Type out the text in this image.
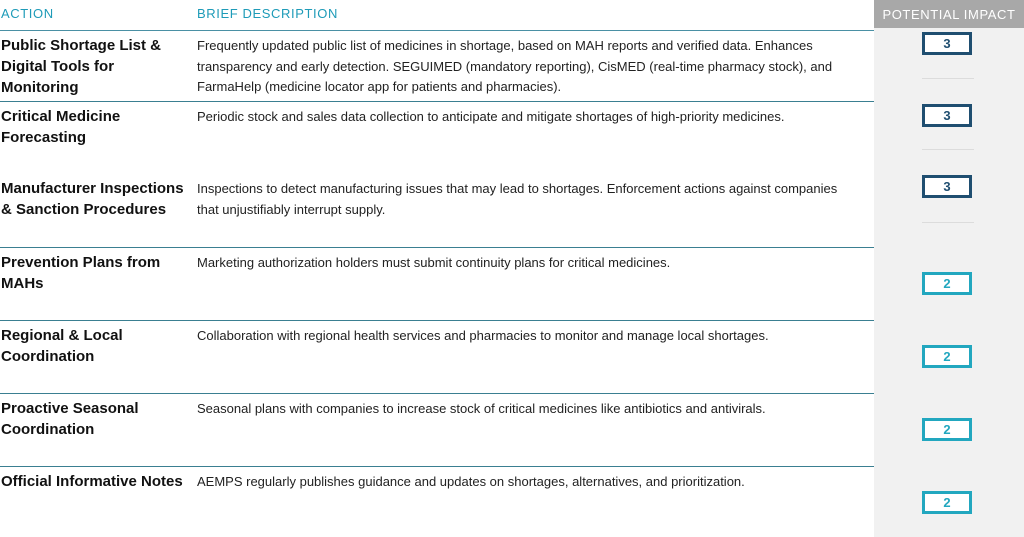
POTENTIAL IMPACT
ACTION	BRIEF DESCRIPTION
Public Shortage List & Digital Tools for Monitoring
Frequently updated public list of medicines in shortage, based on MAH reports and verified data. Enhances transparency and early detection. SEGUIMED (mandatory reporting), CisMED (real-time pharmacy stock), and FarmaHelp (medicine locator app for patients and pharmacies).
3
Critical Medicine Forecasting
Periodic stock and sales data collection to anticipate and mitigate shortages of high-priority medicines.	3
Manufacturer Inspections & Sanction Procedures
Inspections to detect manufacturing issues that may lead to shortages. Enforcement actions against companies that unjustifiably interrupt supply.
3
Prevention Plans from MAHs
Marketing authorization holders must submit continuity plans for critical medicines.
2
Regional & Local Coordination
Collaboration with regional health services and pharmacies to monitor and manage local shortages.
2
Proactive Seasonal Coordination
Seasonal plans with companies to increase stock of critical medicines like antibiotics and antivirals.
2
Official Informative Notes AEMPS regularly publishes guidance and updates on shortages, alternatives, and prioritization.
2
